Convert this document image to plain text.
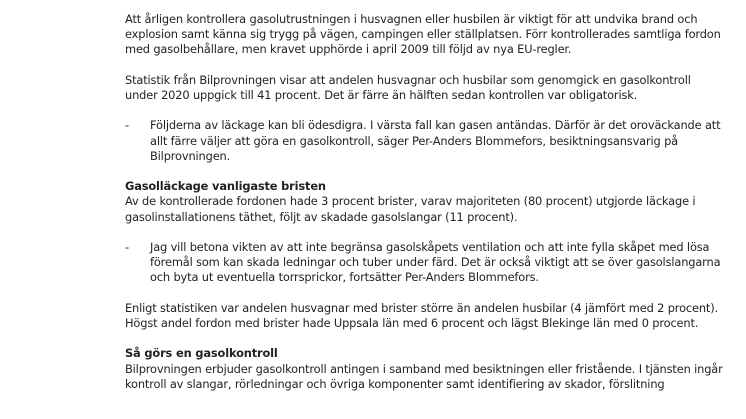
Att årligen kontrollera gasolutrustningen i husvagnen eller husbilen är viktigt för att undvika brand och explosion samt känna sig trygg på vägen, campingen eller ställplatsen. Förr kontrollerades samtliga fordon med gasolbehållare, men kravet upphörde i april 2009 till följd av nya EU-regler.

Statistik från Bilprovningen visar att andelen husvagnar och husbilar som genomgick en gasolkontroll under 2020 uppgick till 41 procent. Det är färre än hälften sedan kontrollen var obligatorisk.

- Följderna av läckage kan bli ödesdigra. I värsta fall kan gasen antändas. Därför är det oroväckande att allt färre väljer att göra en gasolkontroll, säger Per-Anders Blommefors, besiktningsansvarig på Bilprovningen.

Gasolläckage vanligaste bristen

Av de kontrollerade fordonen hade 3 procent brister, varav majoriteten (80 procent) utgjorde läckage i gasolinstallationens täthet, följt av skadade gasolslangar (11 procent).

- Jag vill betona vikten av att inte begränsa gasolskåpets ventilation och att inte fylla skåpet med lösa föremål som kan skada ledningar och tuber under färd. Det är också viktigt att se över gasolslangarna och byta ut eventuella torrsprickor, fortsätter Per-Anders Blommefors.

Enligt statistiken var andelen husvagnar med brister större än andelen husbilar (4 jämfört med 2 procent). Högst andel fordon med brister hade Uppsala län med 6 procent och lägst Blekinge län med 0 procent.

Så görs en gasolkontroll

Bilprovningen erbjuder gasolkontroll antingen i samband med besiktningen eller fristående. I tjänsten ingår kontroll av slangar, rörledningar och övriga komponenter samt identifiering av skador, förslitning
